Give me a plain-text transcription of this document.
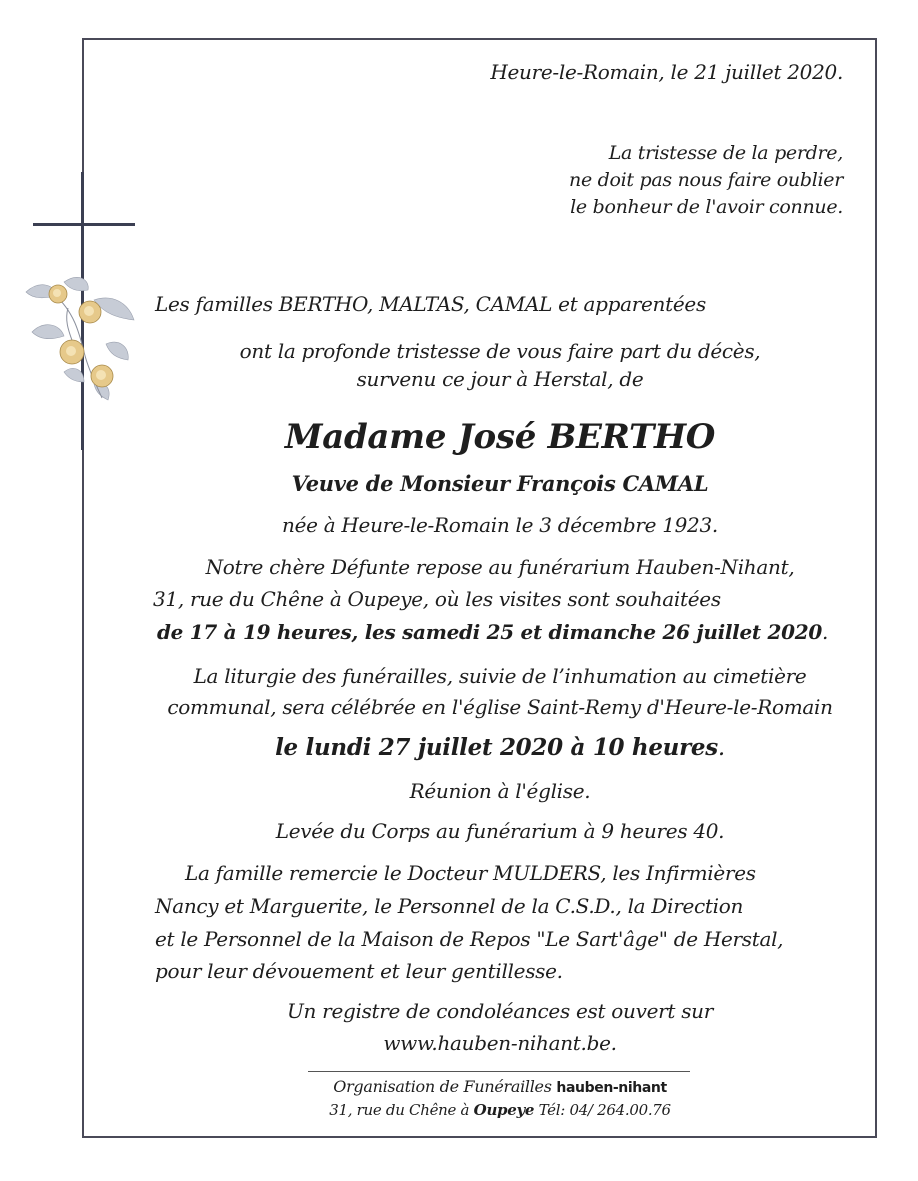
Heure-le-Romain, le 21 juillet 2020.
La tristesse de la perdre,
ne doit pas nous faire oublier
le bonheur de l'avoir connue.
Les familles BERTHO, MALTAS, CAMAL et apparentées
ont la profonde tristesse de vous faire part du décès,
survenu ce jour à Herstal, de
Madame José BERTHO
Veuve de Monsieur François CAMAL
née à Heure-le-Romain le 3 décembre 1923.
Notre chère Défunte repose au funérarium Hauben-Nihant,
31, rue du Chêne à Oupeye, où les visites sont souhaitées
de 17 à 19 heures, les samedi 25 et dimanche 26 juillet 2020.
La liturgie des funérailles, suivie de l’inhumation au cimetière
communal, sera célébrée en l'église Saint-Remy d'Heure-le-Romain
le lundi 27 juillet 2020 à 10 heures.
Réunion à l'église.
Levée du Corps au funérarium à 9 heures 40.
La famille remercie le Docteur MULDERS, les Infirmières
Nancy et Marguerite, le Personnel de la C.S.D., la Direction
et le Personnel de la Maison de Repos "Le Sart'âge" de Herstal,
pour leur dévouement et leur gentillesse.
Un registre de condoléances est ouvert sur
www.hauben-nihant.be.
Organisation de Funérailles hauben-nihant
31, rue du Chêne à Oupeye Tél: 04/ 264.00.76
